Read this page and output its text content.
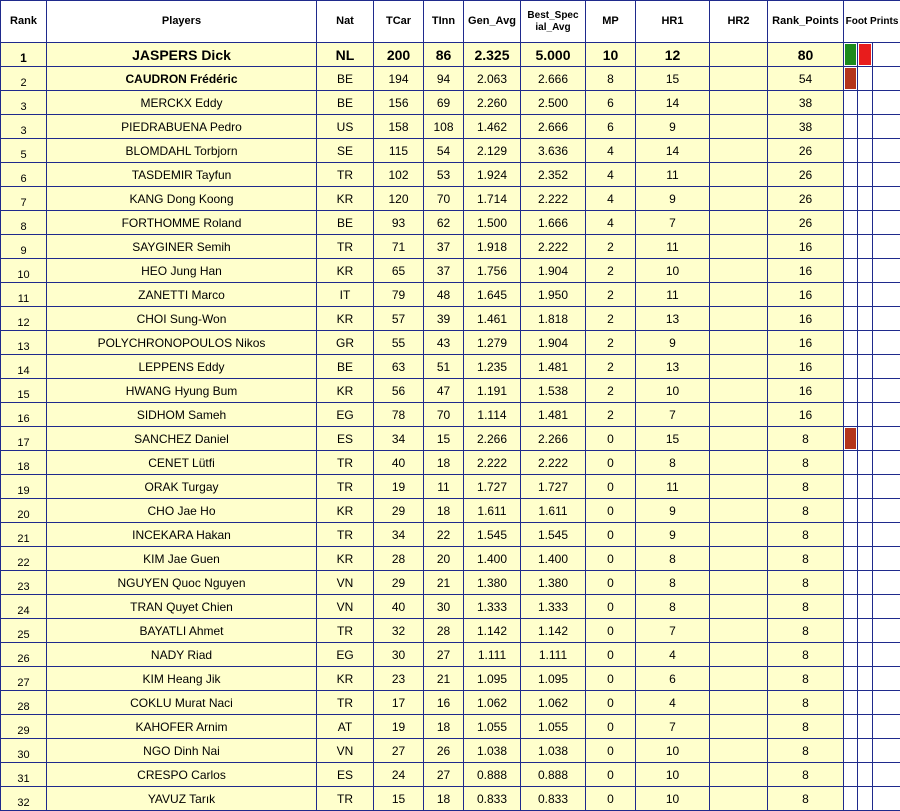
Rank	Players	Nat	TCar	TInn	Gen_Avg	Best_Spec ial_Avg	MP	HR1	HR2	Rank_Points	Foot Prints		
1	JASPERS Dick	NL	200	86	2.325	5.000	10	12		80	

2	CAUDRON Frédéric	BE	194	94	2.063	2.666	8	15		54	

3	MERCKX Eddy	BE	156	69	2.260	2.500	6	14		38			
3	PIEDRABUENA Pedro	US	158	108	1.462	2.666	6	9		38			
5	BLOMDAHL Torbjorn	SE	115	54	2.129	3.636	4	14		26			
6	TASDEMIR Tayfun	TR	102	53	1.924	2.352	4	11		26			
7	KANG Dong Koong	KR	120	70	1.714	2.222	4	9		26			
8	FORTHOMME Roland	BE	93	62	1.500	1.666	4	7		26			
9	SAYGINER Semih	TR	71	37	1.918	2.222	2	11		16			
10	HEO Jung Han	KR	65	37	1.756	1.904	2	10		16			
11	ZANETTI Marco	IT	79	48	1.645	1.950	2	11		16			
12	CHOI Sung-Won	KR	57	39	1.461	1.818	2	13		16			
13	POLYCHRONOPOULOS Nikos	GR	55	43	1.279	1.904	2	9		16			
14	LEPPENS Eddy	BE	63	51	1.235	1.481	2	13		16			
15	HWANG Hyung Bum	KR	56	47	1.191	1.538	2	10		16			
16	SIDHOM Sameh	EG	78	70	1.114	1.481	2	7		16			
17	SANCHEZ Daniel	ES	34	15	2.266	2.266	0	15		8	

18	CENET Lütfi	TR	40	18	2.222	2.222	0	8		8			
19	ORAK Turgay	TR	19	11	1.727	1.727	0	11		8			
20	CHO Jae Ho	KR	29	18	1.611	1.611	0	9		8			
21	INCEKARA Hakan	TR	34	22	1.545	1.545	0	9		8			
22	KIM Jae Guen	KR	28	20	1.400	1.400	0	8		8			
23	NGUYEN Quoc Nguyen	VN	29	21	1.380	1.380	0	8		8			
24	TRAN Quyet Chien	VN	40	30	1.333	1.333	0	8		8			
25	BAYATLI Ahmet	TR	32	28	1.142	1.142	0	7		8			
26	NADY Riad	EG	30	27	1.111	1.111	0	4		8			
27	KIM Heang Jik	KR	23	21	1.095	1.095	0	6		8			
28	COKLU Murat Naci	TR	17	16	1.062	1.062	0	4		8			
29	KAHOFER Arnim	AT	19	18	1.055	1.055	0	7		8			
30	NGO Dinh Nai	VN	27	26	1.038	1.038	0	10		8			
31	CRESPO Carlos	ES	24	27	0.888	0.888	0	10		8			
32	YAVUZ Tarık	TR	15	18	0.833	0.833	0	10		8			
